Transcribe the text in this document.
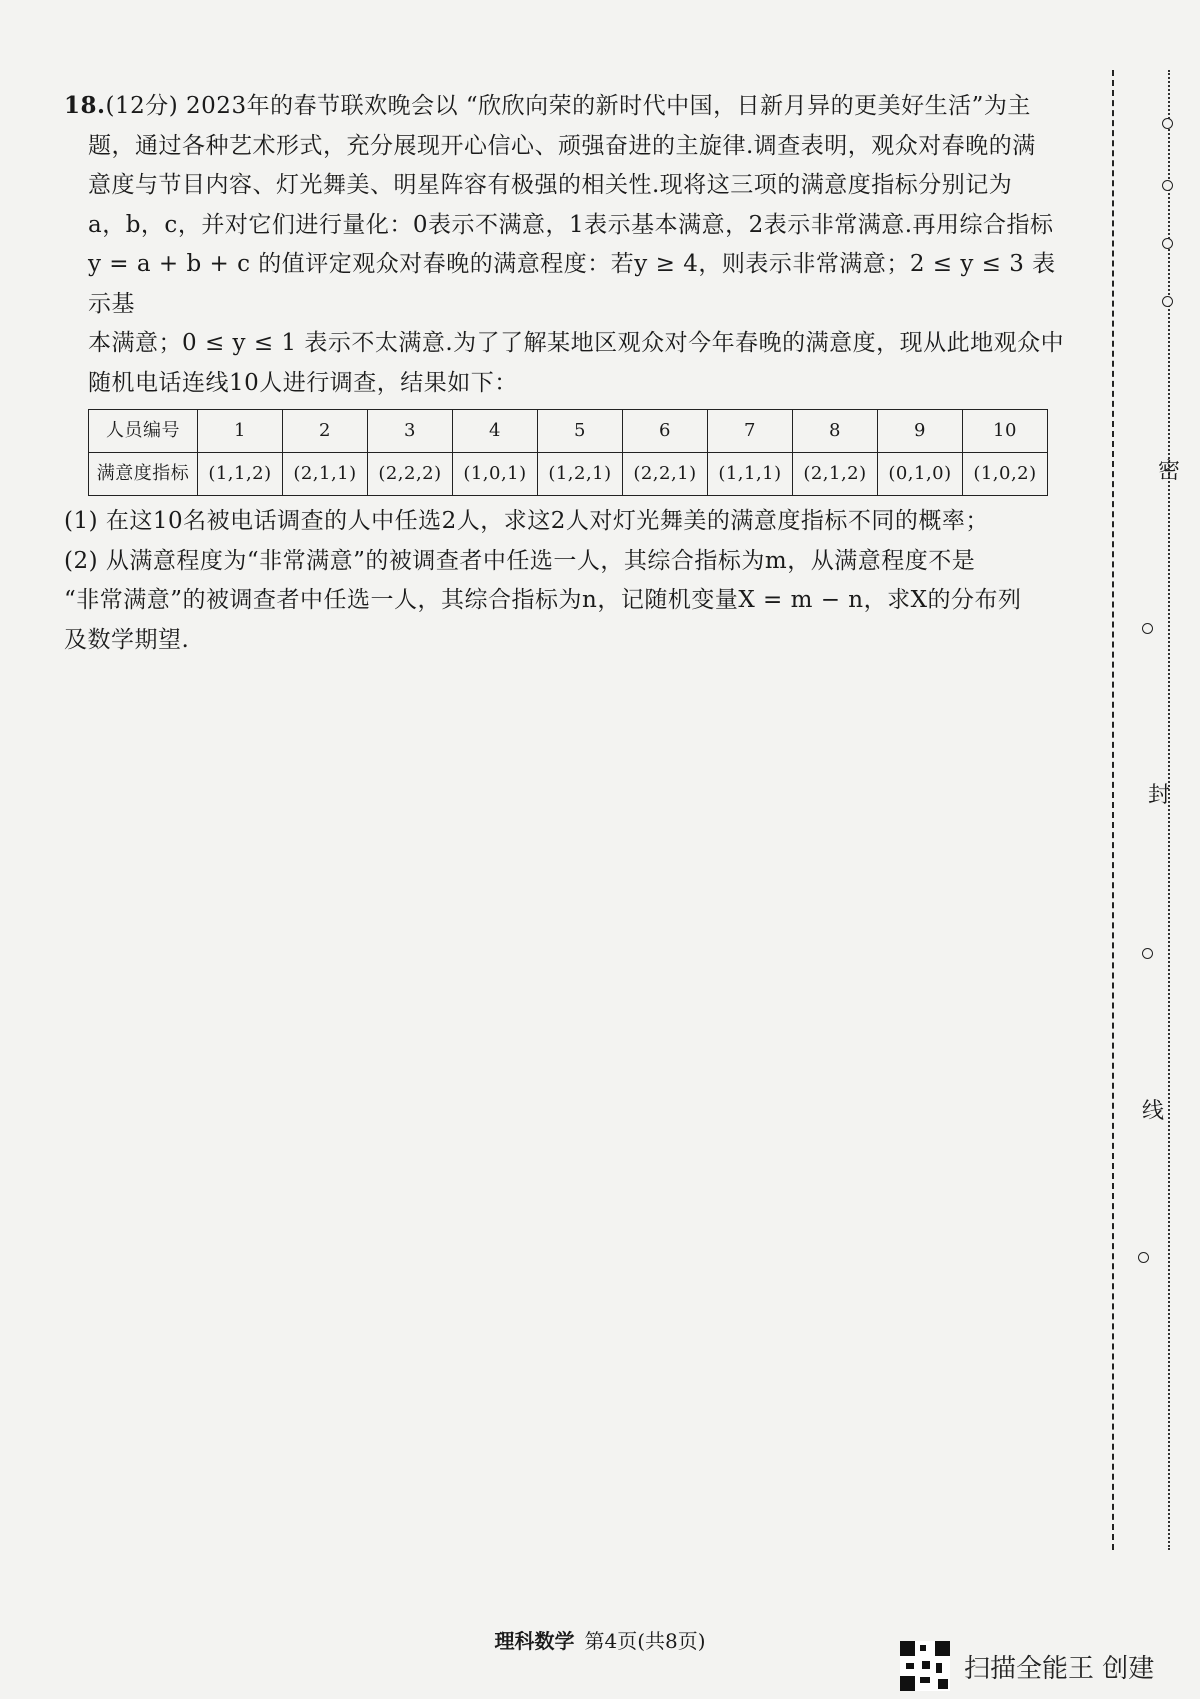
18.(12分) 2023年的春节联欢晚会以 “欣欣向荣的新时代中国，日新月异的更美好生活”为主

题，通过各种艺术形式，充分展现开心信心、顽强奋进的主旋律.调查表明，观众对春晚的满

意度与节目内容、灯光舞美、明星阵容有极强的相关性.现将这三项的满意度指标分别记为

a，b，c，并对它们进行量化：0表示不满意，1表示基本满意，2表示非常满意.再用综合指标

y = a + b + c 的值评定观众对春晚的满意程度：若y ≥ 4，则表示非常满意；2 ≤ y ≤ 3 表示基

本满意；0 ≤ y ≤ 1 表示不太满意.为了了解某地区观众对今年春晚的满意度，现从此地观众中

随机电话连线10人进行调查，结果如下：

人员编号	1	2	3	4	5	6	7	8	9	10
满意度指标	(1,1,2)	(2,1,1)	(2,2,2)	(1,0,1)	(1,2,1)	(2,2,1)	(1,1,1)	(2,1,2)	(0,1,0)	(1,0,2)

(1) 在这10名被电话调查的人中任选2人，求这2人对灯光舞美的满意度指标不同的概率；

(2) 从满意程度为“非常满意”的被调查者中任选一人，其综合指标为m，从满意程度不是

“非常满意”的被调查者中任选一人，其综合指标为n，记随机变量X = m − n，求X的分布列

及数学期望.

密
封
线
理科数学 第4页(共8页)
扫描全能王 创建
